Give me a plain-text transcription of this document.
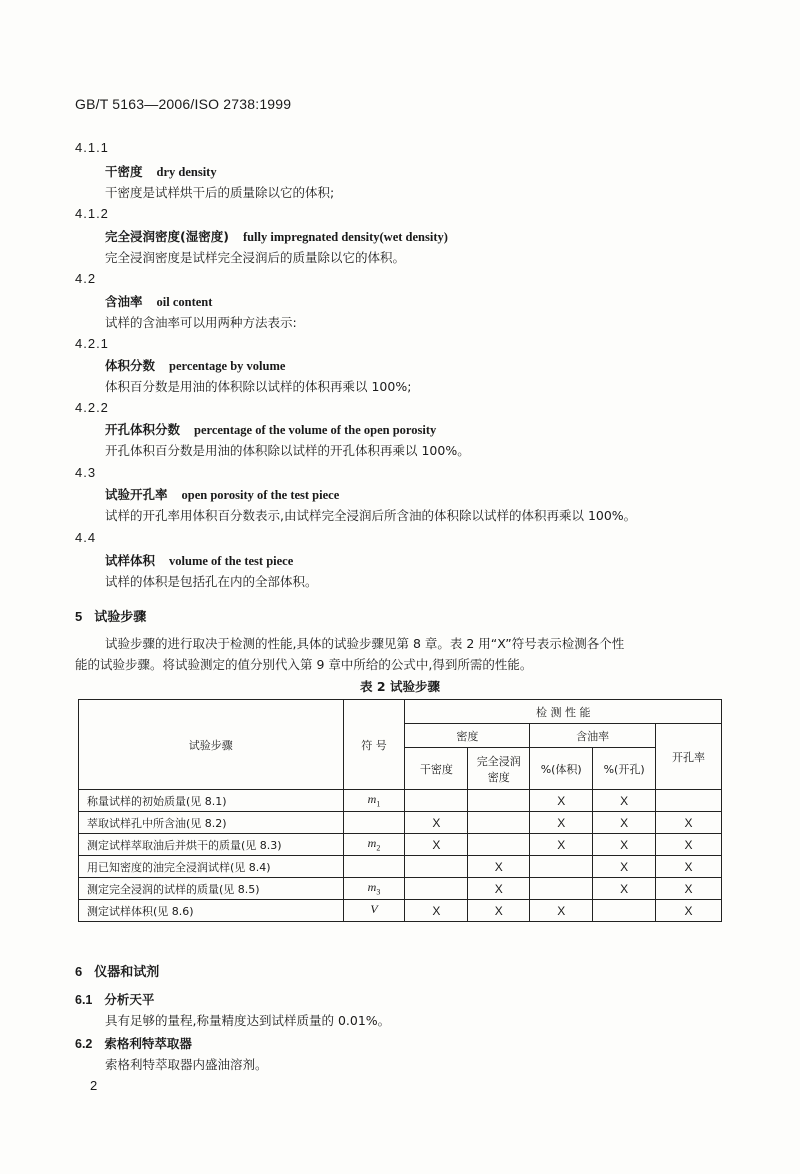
GB/T 5163—2006/ISO 2738:1999
4.1.1
干密度 dry density
干密度是试样烘干后的质量除以它的体积;
4.1.2
完全浸润密度(湿密度) fully impregnated density(wet density)
完全浸润密度是试样完全浸润后的质量除以它的体积。
4.2
含油率 oil content
试样的含油率可以用两种方法表示:
4.2.1
体积分数 percentage by volume
体积百分数是用油的体积除以试样的体积再乘以 100%;
4.2.2
开孔体积分数 percentage of the volume of the open porosity
开孔体积百分数是用油的体积除以试样的开孔体积再乘以 100%。
4.3
试验开孔率 open porosity of the test piece
试样的开孔率用体积百分数表示,由试样完全浸润后所含油的体积除以试样的体积再乘以 100%。
4.4
试样体积 volume of the test piece
试样的体积是包括孔在内的全部体积。
5 试验步骤
试验步骤的进行取决于检测的性能,具体的试验步骤见第 8 章。表 2 用“X”符号表示检测各个性
能的试验步骤。将试验测定的值分别代入第 9 章中所给的公式中,得到所需的性能。
表 2 试验步骤
试验步骤	符 号	检 测 性 能				
		密度		含油率		开孔率
		干密度	完全浸润密度	%(体积)	%(开孔)	
称量试样的初始质量(见 8.1)	$m_1$			X	X	
萃取试样孔中所含油(见 8.2)		X		X	X	X
测定试样萃取油后并烘干的质量(见 8.3)	$m_2$	X		X	X	X
用已知密度的油完全浸润试样(见 8.4)			X		X	X
测定完全浸润的试样的质量(见 8.5)	$m_3$		X		X	X
测定试样体积(见 8.6)	V	X	X	X		X
6 仪器和试剂
6.1 分析天平
具有足够的量程,称量精度达到试样质量的 0.01%。
6.2 索格利特萃取器
索格利特萃取器内盛油溶剂。
2
